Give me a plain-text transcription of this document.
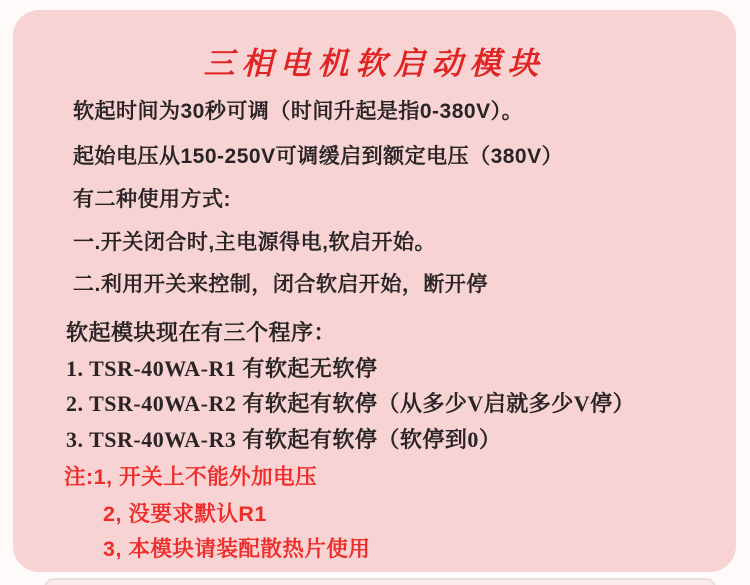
三相电机软启动模块

软起时间为30秒可调（时间升起是指0-380V）。

起始电压从150-250V可调缓启到额定电压（380V）

有二种使用方式:

一.开关闭合时,主电源得电,软启开始。

二.利用开关来控制，闭合软启开始，断开停

软起模块现在有三个程序：

1. TSR-40WA-R1 有软起无软停

2. TSR-40WA-R2 有软起有软停（从多少V启就多少V停）

3. TSR-40WA-R3 有软起有软停（软停到0）

注:1, 开关上不能外加电压

2, 没要求默认R1

3, 本模块请装配散热片使用
